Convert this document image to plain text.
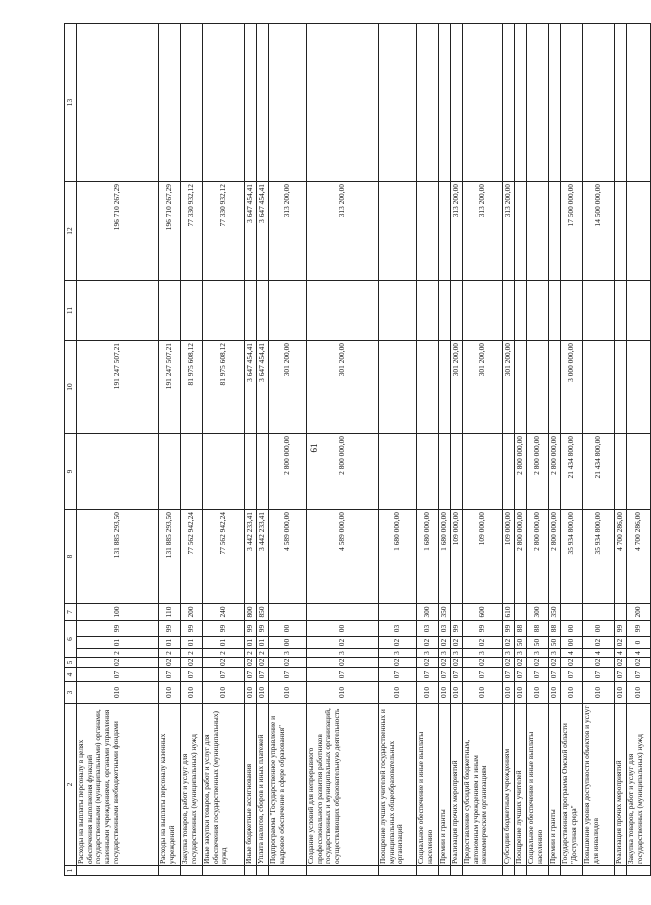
61
1	2	3	4	5	6			7	8	9	10	11	12	13
	Расходы на выплаты персоналу в целях обеспечения выполнения функций государственными (муниципальными) органами, казенными учреждениями, органами управления государственными внебюджетными фондами	010	07	02	2	01	99	100	131 885 293,50		191 247 507,21		196 710 267,29	
	Расходы на выплаты персоналу казенных учреждений	010	07	02	2	01	99	110	131 885 293,50		191 247 507,21		196 710 267,29	
	Закупка товаров, работ и услуг для государственных (муниципальных) нужд	010	07	02	2	01	99	200	77 562 942,24		81 975 608,12		77 330 932,12	
	Иные закупки товаров, работ и услуг для обеспечения государственных (муниципальных) нужд	010	07	02	2	01	99	240	77 562 942,24		81 975 608,12		77 330 932,12	
	Иные бюджетные ассигнования	010	07	02	2	01	99	800	3 442 233,41		3 647 454,41		3 647 454,41	
	Уплата налогов, сборов и иных платежей	010	07	02	2	01	99	850	3 442 233,41		3 647 454,41		3 647 454,41	
	Подпрограмма "Государственное управление и кадровое обеспечение в сфере образования"	010	07	02	3	00	00		4 589 000,00	2 800 000,00	301 200,00		313 200,00	
	Создание условий для непрерывного профессионального развития работников государственных и муниципальных организаций, осуществляющих образовательную деятельность	010	07	02	3	02	00		4 589 000,00	2 800 000,00	301 200,00		313 200,00	
	Поощрение лучших учителей государственных и муниципальных общеобразовательных организаций	010	07	02	3	02	03		1 680 000,00					
	Социальное обеспечение и иные выплаты населению	010	07	02	3	02	03	300	1 680 000,00					
	Премии и гранты	010	07	02	3	02	03	350	1 680 000,00					
	Реализация прочих мероприятий	010	07	02	3	02	99		109 000,00		301 200,00		313 200,00	
	Предоставление субсидий бюджетным, автономным учреждениям и иным некоммерческим организациям	010	07	02	3	02	99	600	109 000,00		301 200,00		313 200,00	
	Субсидии бюджетным учреждениям	010	07	02	3	02	99	610	109 000,00		301 200,00		313 200,00	
	Поощрение лучших учителей	010	07	02	3	50	88		2 800 000,00	2 800 000,00				
	Социальное обеспечение и иные выплаты населению	010	07	02	3	50	88	300	2 800 000,00	2 800 000,00				
	Премии и гранты	010	07	02	3	50	88	350	2 800 000,00	2 800 000,00				
	Государственная программа Омской области "Доступная среда"	010	07	02	4	00	00		35 934 800,00	21 434 800,00	3 000 000,00		17 500 000,00	
	Повышение уровня доступности объектов и услуг для инвалидов	010	07	02	4	02	00		35 934 800,00	21 434 800,00			14 500 000,00	
	Реализация прочих мероприятий	010	07	02	4	02	99		4 700 286,00					
	Закупка товаров, работ и услуг для государственных (муниципальных) нужд	010	07	02	4	0	99	200	4 700 286,00					
